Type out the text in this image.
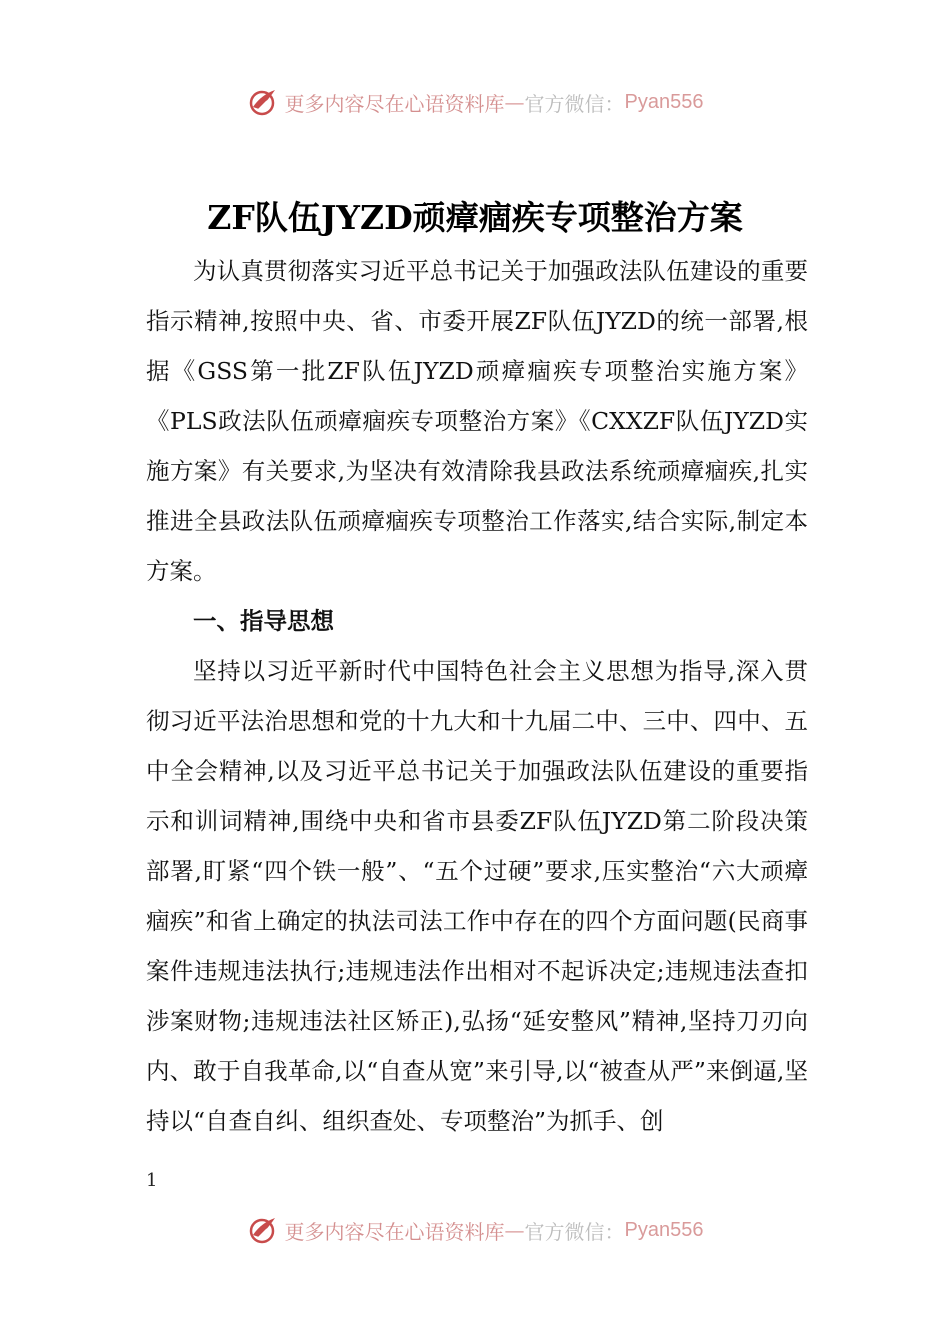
更多内容尽在心语资料库 — 官方微信： Pyan556
ZF队伍JYZD顽瘴痼疾专项整治方案

为认真贯彻落实习近平总书记关于加强政法队伍建设的重要指示精神,按照中央、省、市委开展ZF队伍JYZD的统一部署,根据《GSS第一批ZF队伍JYZD顽瘴痼疾专项整治实施方案》《PLS政法队伍顽瘴痼疾专项整治方案》《CXXZF队伍JYZD实施方案》有关要求,为坚决有效清除我县政法系统顽瘴痼疾,扎实推进全县政法队伍顽瘴痼疾专项整治工作落实,结合实际,制定本方案。

一、指导思想

坚持以习近平新时代中国特色社会主义思想为指导,深入贯彻习近平法治思想和党的十九大和十九届二中、三中、四中、五中全会精神,以及习近平总书记关于加强政法队伍建设的重要指示和训词精神,围绕中央和省市县委ZF队伍JYZD第二阶段决策部署,盯紧“四个铁一般”、“五个过硬”要求,压实整治“六大顽瘴痼疾”和省上确定的执法司法工作中存在的四个方面问题(民商事案件违规违法执行;违规违法作出相对不起诉决定;违规违法查扣涉案财物;违规违法社区矫正),弘扬“延安整风”精神,坚持刀刃向内、敢于自我革命,以“自查从宽”来引导,以“被查从严”来倒逼,坚持以“自查自纠、组织查处、专项整治”为抓手、创

1
更多内容尽在心语资料库 — 官方微信： Pyan556
